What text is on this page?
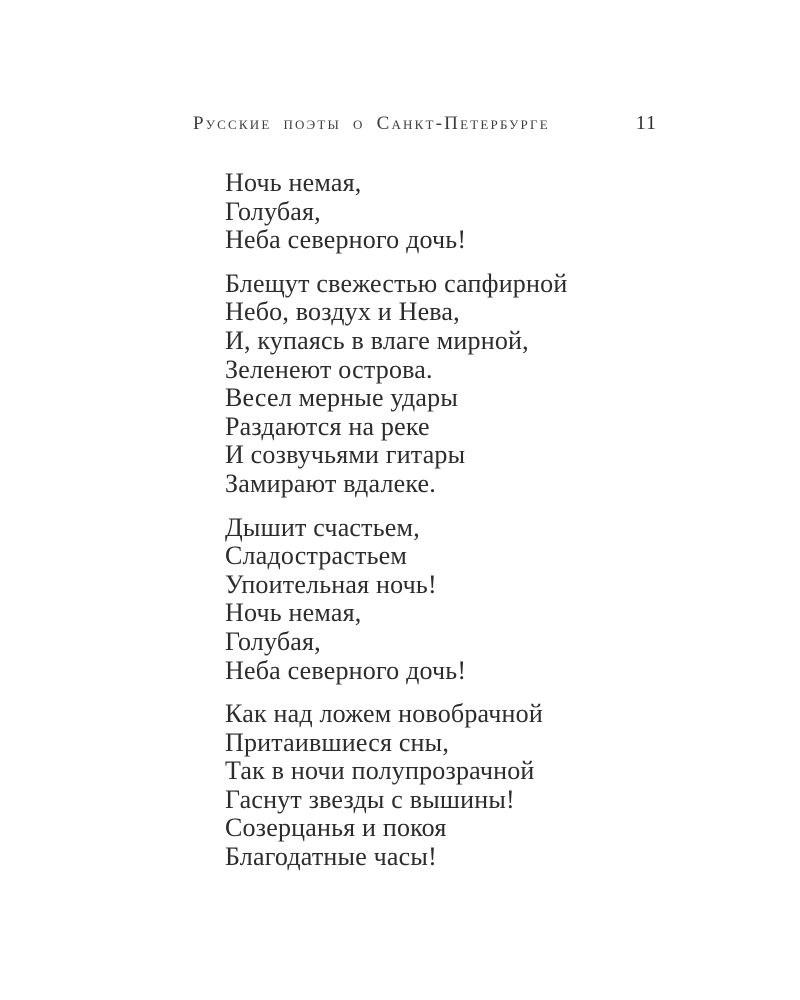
Русские поэты о Санкт-Петербурге	11

Ночь немая,

Голубая,

Неба северного дочь!

Блещут свежестью сапфирной

Небо, воздух и Нева,

И, купаясь в влаге мирной,

Зеленеют острова.

Весел мерные удары

Раздаются на реке

И созвучьями гитары

Замирают вдалеке.

Дышит счастьем,

Сладострастьем

Упоительная ночь!

Ночь немая,

Голубая,

Неба северного дочь!

Как над ложем новобрачной

Притаившиеся сны,

Так в ночи полупрозрачной

Гаснут звезды с вышины!

Созерцанья и покоя

Благодатные часы!
